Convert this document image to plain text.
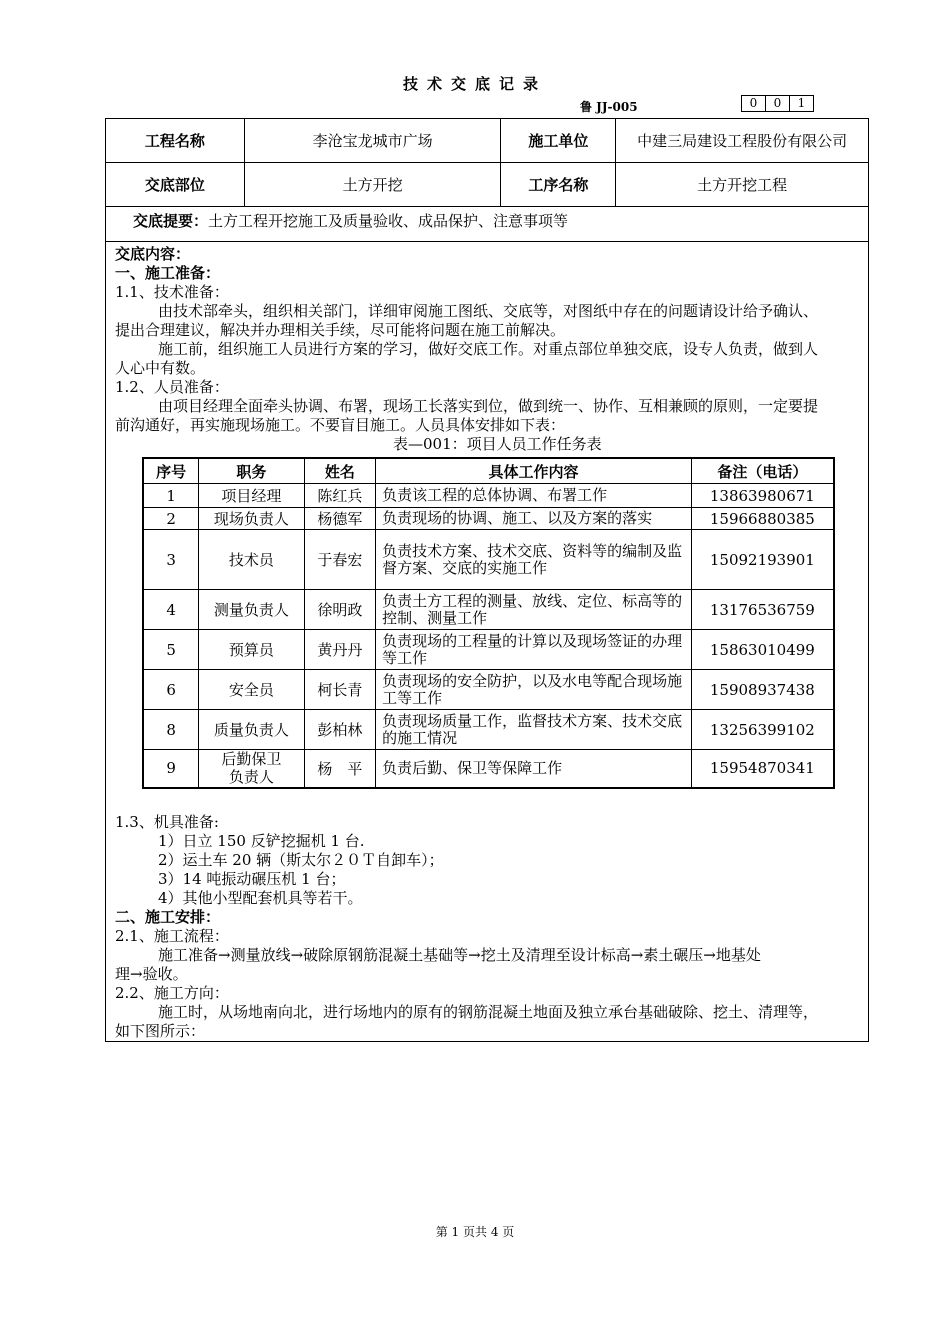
技术交底记录
鲁 JJ-005	0	0	1
工程名称	李沧宝龙城市广场	施工单位	中建三局建设工程股份有限公司
交底部位	土方开挖	工序名称	土方开挖工程
交底提要：土方工程开挖施工及质量验收、成品保护、注意事项等
交底内容：
一、施工准备：
1.1、技术准备：
由技术部牵头，组织相关部门，详细审阅施工图纸、交底等，对图纸中存在的问题请设计给予确认、
提出合理建议，解决并办理相关手续，尽可能将问题在施工前解决。
施工前，组织施工人员进行方案的学习，做好交底工作。对重点部位单独交底，设专人负责，做到人
人心中有数。
1.2、人员准备：
由项目经理全面牵头协调、布署，现场工长落实到位，做到统一、协作、互相兼顾的原则，一定要提
前沟通好，再实施现场施工。不要盲目施工。人员具体安排如下表：
表—001：项目人员工作任务表
序号	职务	姓名	具体工作内容	备注（电话）
1	项目经理	陈红兵	负责该工程的总体协调、布署工作	13863980671
2	现场负责人	杨德军	负责现场的协调、施工、以及方案的落实	15966880385
3	技术员	于春宏	负责技术方案、技术交底、资料等的编制及监督方案、交底的实施工作	15092193901
4	测量负责人	徐明政	负责土方工程的测量、放线、定位、标高等的控制、测量工作	13176536759
5	预算员	黄丹丹	负责现场的工程量的计算以及现场签证的办理等工作	15863010499
6	安全员	柯长青	负责现场的安全防护，以及水电等配合现场施工等工作	15908937438
8	质量负责人	彭柏林	负责现场质量工作，监督技术方案、技术交底的施工情况	13256399102
9	后勤保卫负责人	杨　平	负责后勤、保卫等保障工作	15954870341
1.3、机具准备:
1）日立 150 反铲挖掘机 1 台.
2）运土车 20 辆（斯太尔２０Ｔ自卸车）；
3）14 吨振动碾压机 1 台；
4）其他小型配套机具等若干。
二、施工安排：
2.1、施工流程：
施工准备→测量放线→破除原钢筋混凝土基础等→挖土及清理至设计标高→素土碾压→地基处
理→验收。
2.2、施工方向：
施工时，从场地南向北，进行场地内的原有的钢筋混凝土地面及独立承台基础破除、挖土、清理等，
如下图所示：
第 1 页共 4 页
